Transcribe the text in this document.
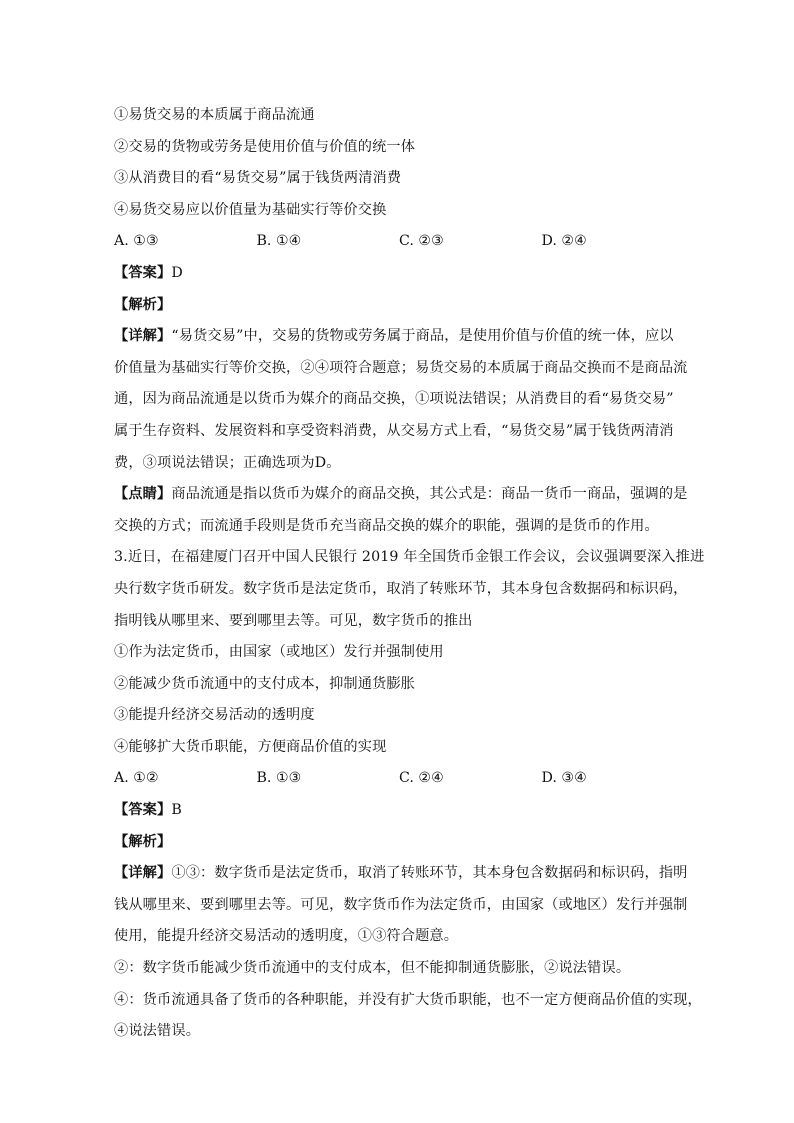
①易货交易的本质属于商品流通
②交易的货物或劳务是使用价值与价值的统一体
③从消费目的看“易货交易”属于钱货两清消费
④易货交易应以价值量为基础实行等价交换
A. ①③	B. ①④	C. ②③	D. ②④
【答案】D
【解析】
【详解】“易货交易”中，交易的货物或劳务属于商品，是使用价值与价值的统一体，应以
价值量为基础实行等价交换，②④项符合题意；易货交易的本质属于商品交换而不是商品流
通，因为商品流通是以货币为媒介的商品交换，①项说法错误；从消费目的看“易货交易”
属于生存资料、发展资料和享受资料消费，从交易方式上看，“易货交易”属于钱货两清消
费，③项说法错误；正确选项为D。
【点睛】商品流通是指以货币为媒介的商品交换，其公式是：商品一货币一商品，强调的是
交换的方式；而流通手段则是货币充当商品交换的媒介的职能，强调的是货币的作用。
3.近日，在福建厦门召开中国人民银行 2019 年全国货币金银工作会议，会议强调要深入推进
央行数字货币研发。数字货币是法定货币，取消了转账环节，其本身包含数据码和标识码，
指明钱从哪里来、要到哪里去等。可见，数字货币的推出
①作为法定货币，由国家（或地区）发行并强制使用
②能减少货币流通中的支付成本，抑制通货膨胀
③能提升经济交易活动的透明度
④能够扩大货币职能，方便商品价值的实现
A. ①②	B. ①③	C. ②④	D. ③④
【答案】B
【解析】
【详解】①③：数字货币是法定货币，取消了转账环节，其本身包含数据码和标识码，指明
钱从哪里来、要到哪里去等。可见，数字货币作为法定货币，由国家（或地区）发行并强制
使用，能提升经济交易活动的透明度，①③符合题意。
②：数字货币能减少货币流通中的支付成本，但不能抑制通货膨胀，②说法错误。
④：货币流通具备了货币的各种职能，并没有扩大货币职能，也不一定方便商品价值的实现，
④说法错误。
